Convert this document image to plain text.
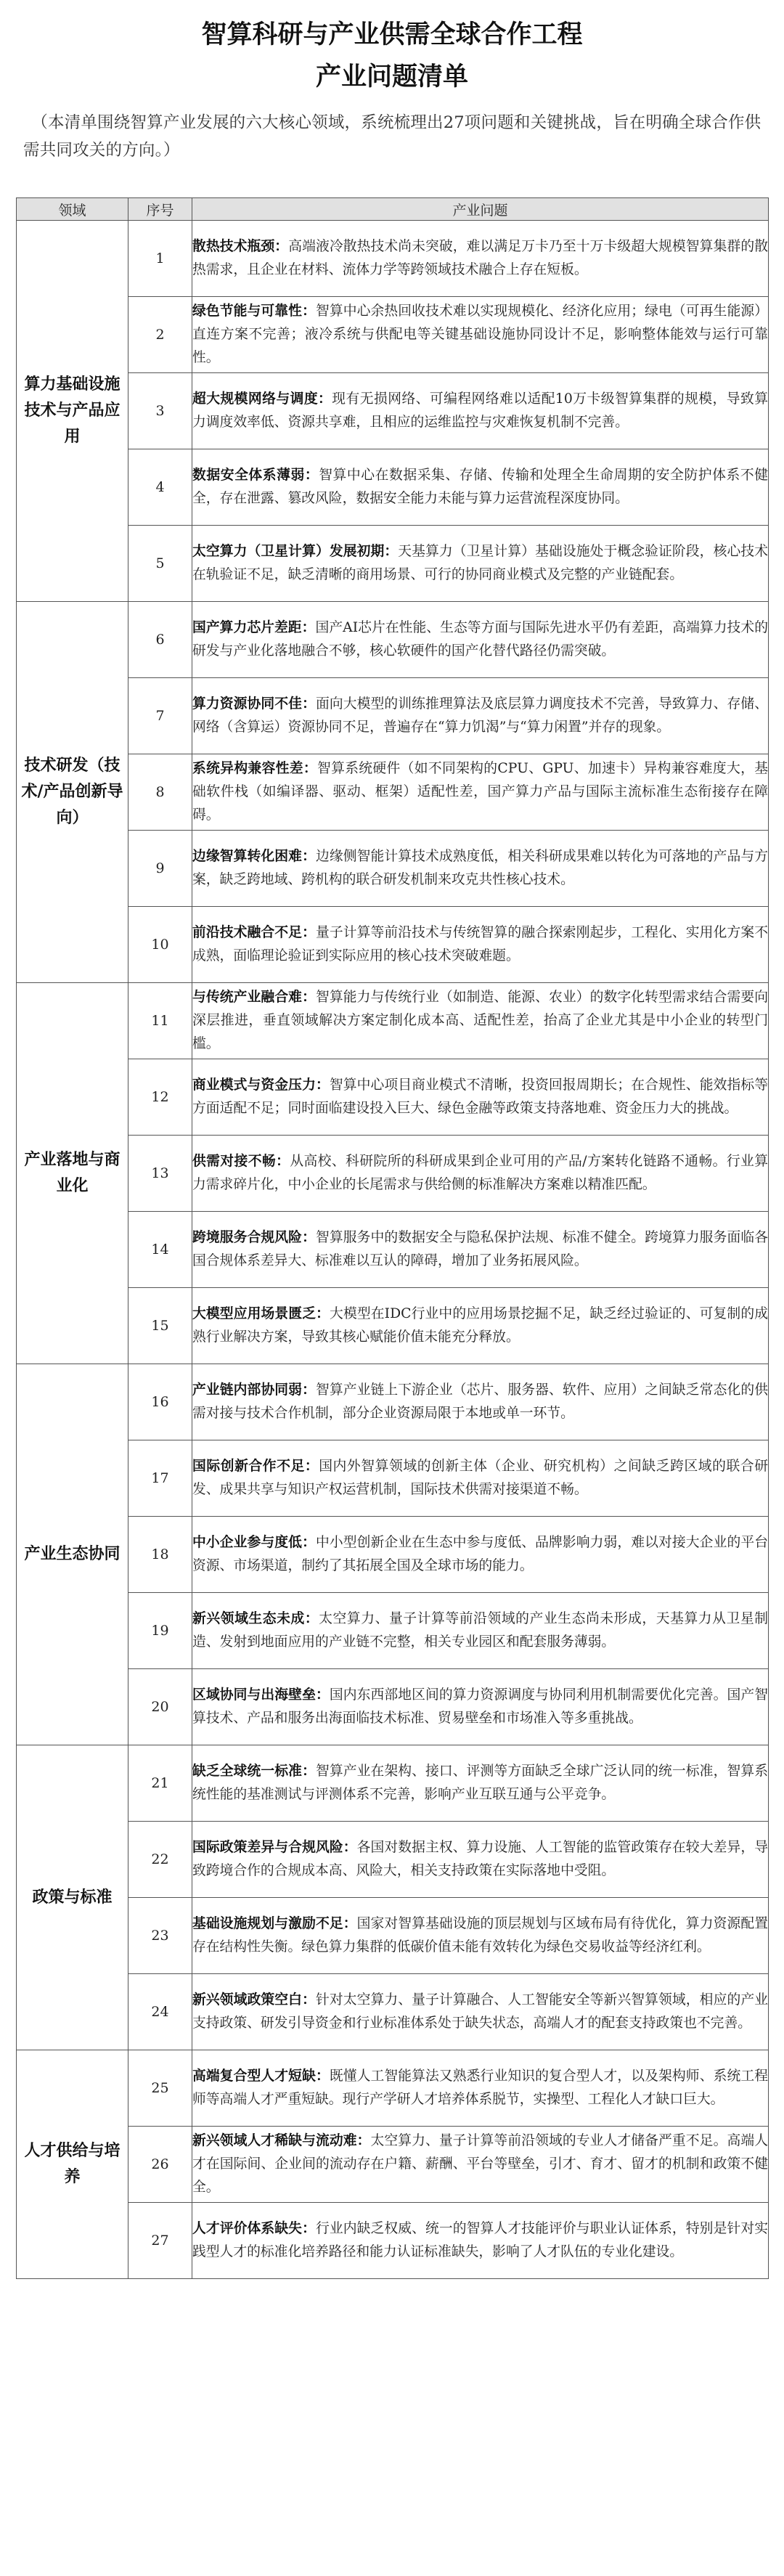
智算科研与产业供需全球合作工程
产业问题清单
（本清单围绕智算产业发展的六大核心领域，系统梳理出27项问题和关键挑战，旨在明确全球合作供需共同攻关的方向。）
领域	序号	产业问题
算力基础设施技术与产品应用	1	散热技术瓶颈：高端液冷散热技术尚未突破，难以满足万卡乃至十万卡级超大规模智算集群的散热需求，且企业在材料、流体力学等跨领域技术融合上存在短板。
	2	绿色节能与可靠性：智算中心余热回收技术难以实现规模化、经济化应用；绿电（可再生能源）直连方案不完善；液冷系统与供配电等关键基础设施协同设计不足，影响整体能效与运行可靠性。
	3	超大规模网络与调度：现有无损网络、可编程网络难以适配10万卡级智算集群的规模，导致算力调度效率低、资源共享难，且相应的运维监控与灾难恢复机制不完善。
	4	数据安全体系薄弱：智算中心在数据采集、存储、传输和处理全生命周期的安全防护体系不健全，存在泄露、篡改风险，数据安全能力未能与算力运营流程深度协同。
	5	太空算力（卫星计算）发展初期：天基算力（卫星计算）基础设施处于概念验证阶段，核心技术在轨验证不足，缺乏清晰的商用场景、可行的协同商业模式及完整的产业链配套。
技术研发（技术/产品创新导向）	6	国产算力芯片差距：国产AI芯片在性能、生态等方面与国际先进水平仍有差距，高端算力技术的研发与产业化落地融合不够，核心软硬件的国产化替代路径仍需突破。
	7	算力资源协同不佳：面向大模型的训练推理算法及底层算力调度技术不完善，导致算力、存储、网络（含算运）资源协同不足，普遍存在“算力饥渴”与“算力闲置”并存的现象。
	8	系统异构兼容性差：智算系统硬件（如不同架构的CPU、GPU、加速卡）异构兼容难度大，基础软件栈（如编译器、驱动、框架）适配性差，国产算力产品与国际主流标准生态衔接存在障碍。
	9	边缘智算转化困难：边缘侧智能计算技术成熟度低，相关科研成果难以转化为可落地的产品与方案，缺乏跨地域、跨机构的联合研发机制来攻克共性核心技术。
	10	前沿技术融合不足：量子计算等前沿技术与传统智算的融合探索刚起步，工程化、实用化方案不成熟，面临理论验证到实际应用的核心技术突破难题。
产业落地与商业化	11	与传统产业融合难：智算能力与传统行业（如制造、能源、农业）的数字化转型需求结合需要向深层推进，垂直领域解决方案定制化成本高、适配性差，抬高了企业尤其是中小企业的转型门槛。
	12	商业模式与资金压力：智算中心项目商业模式不清晰，投资回报周期长；在合规性、能效指标等方面适配不足；同时面临建设投入巨大、绿色金融等政策支持落地难、资金压力大的挑战。
	13	供需对接不畅：从高校、科研院所的科研成果到企业可用的产品/方案转化链路不通畅。行业算力需求碎片化，中小企业的长尾需求与供给侧的标准解决方案难以精准匹配。
	14	跨境服务合规风险：智算服务中的数据安全与隐私保护法规、标准不健全。跨境算力服务面临各国合规体系差异大、标准难以互认的障碍，增加了业务拓展风险。
	15	大模型应用场景匮乏：大模型在IDC行业中的应用场景挖掘不足，缺乏经过验证的、可复制的成熟行业解决方案，导致其核心赋能价值未能充分释放。
产业生态协同	16	产业链内部协同弱：智算产业链上下游企业（芯片、服务器、软件、应用）之间缺乏常态化的供需对接与技术合作机制，部分企业资源局限于本地或单一环节。
	17	国际创新合作不足：国内外智算领域的创新主体（企业、研究机构）之间缺乏跨区域的联合研发、成果共享与知识产权运营机制，国际技术供需对接渠道不畅。
	18	中小企业参与度低：中小型创新企业在生态中参与度低、品牌影响力弱，难以对接大企业的平台资源、市场渠道，制约了其拓展全国及全球市场的能力。
	19	新兴领域生态未成：太空算力、量子计算等前沿领域的产业生态尚未形成，天基算力从卫星制造、发射到地面应用的产业链不完整，相关专业园区和配套服务薄弱。
	20	区域协同与出海壁垒：国内东西部地区间的算力资源调度与协同利用机制需要优化完善。国产智算技术、产品和服务出海面临技术标准、贸易壁垒和市场准入等多重挑战。
政策与标准	21	缺乏全球统一标准：智算产业在架构、接口、评测等方面缺乏全球广泛认同的统一标准，智算系统性能的基准测试与评测体系不完善，影响产业互联互通与公平竞争。
	22	国际政策差异与合规风险：各国对数据主权、算力设施、人工智能的监管政策存在较大差异，导致跨境合作的合规成本高、风险大，相关支持政策在实际落地中受阻。
	23	基础设施规划与激励不足：国家对智算基础设施的顶层规划与区域布局有待优化，算力资源配置存在结构性失衡。绿色算力集群的低碳价值未能有效转化为绿色交易收益等经济红利。
	24	新兴领域政策空白：针对太空算力、量子计算融合、人工智能安全等新兴智算领域，相应的产业支持政策、研发引导资金和行业标准体系处于缺失状态，高端人才的配套支持政策也不完善。
人才供给与培养	25	高端复合型人才短缺：既懂人工智能算法又熟悉行业知识的复合型人才，以及架构师、系统工程师等高端人才严重短缺。现行产学研人才培养体系脱节，实操型、工程化人才缺口巨大。
	26	新兴领域人才稀缺与流动难：太空算力、量子计算等前沿领域的专业人才储备严重不足。高端人才在国际间、企业间的流动存在户籍、薪酬、平台等壁垒，引才、育才、留才的机制和政策不健全。
	27	人才评价体系缺失：行业内缺乏权威、统一的智算人才技能评价与职业认证体系，特别是针对实践型人才的标准化培养路径和能力认证标准缺失，影响了人才队伍的专业化建设。
